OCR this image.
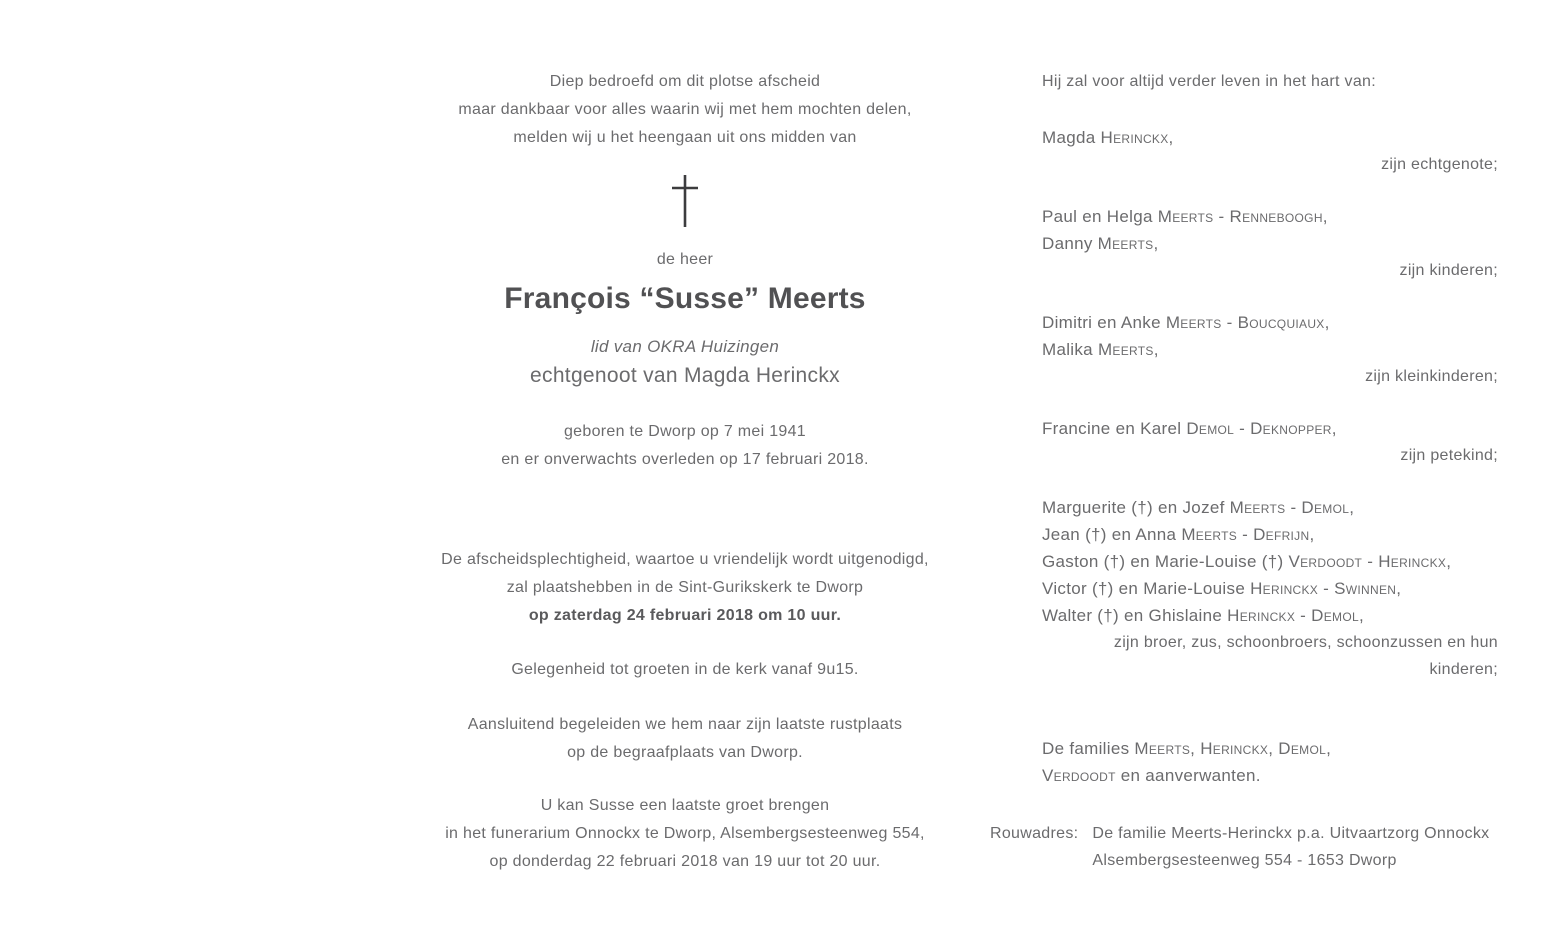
Diep bedroefd om dit plotse afscheid
maar dankbaar voor alles waarin wij met hem mochten delen,
melden wij u het heengaan uit ons midden van
de heer
François “Susse” Meerts
lid van OKRA Huizingen
echtgenoot van Magda Herinckx
geboren te Dworp op 7 mei 1941
en er onverwachts overleden op 17 februari 2018.
De afscheidsplechtigheid, waartoe u vriendelijk wordt uitgenodigd,
zal plaatshebben in de Sint-Gurikskerk te Dworp
op zaterdag 24 februari 2018 om 10 uur.
Gelegenheid tot groeten in de kerk vanaf 9u15.
Aansluitend begeleiden we hem naar zijn laatste rustplaats
op de begraafplaats van Dworp.
U kan Susse een laatste groet brengen
in het funerarium Onnockx te Dworp, Alsembergsesteenweg 554,
op donderdag 22 februari 2018 van 19 uur tot 20 uur.
Hij zal voor altijd verder leven in het hart van:
Magda Herinckx,
zijn echtgenote;
Paul en Helga Meerts - Renneboogh,
Danny Meerts,
zijn kinderen;
Dimitri en Anke Meerts - Boucquiaux,
Malika Meerts,
zijn kleinkinderen;
Francine en Karel Demol - Deknopper,
zijn petekind;
Marguerite (†) en Jozef Meerts - Demol,
Jean (†) en Anna Meerts - Defrijn,
Gaston (†) en Marie-Louise (†) Verdoodt - Herinckx,
Victor (†) en Marie-Louise Herinckx - Swinnen,
Walter (†) en Ghislaine Herinckx - Demol,
zijn broer, zus, schoonbroers, schoonzussen en hun kinderen;
De families Meerts, Herinckx, Demol,
Verdoodt en aanverwanten.
Rouwadres: De familie Meerts-Herinckx p.a. Uitvaartzorg Onnockx
Alsembergsesteenweg 554 - 1653 Dworp
